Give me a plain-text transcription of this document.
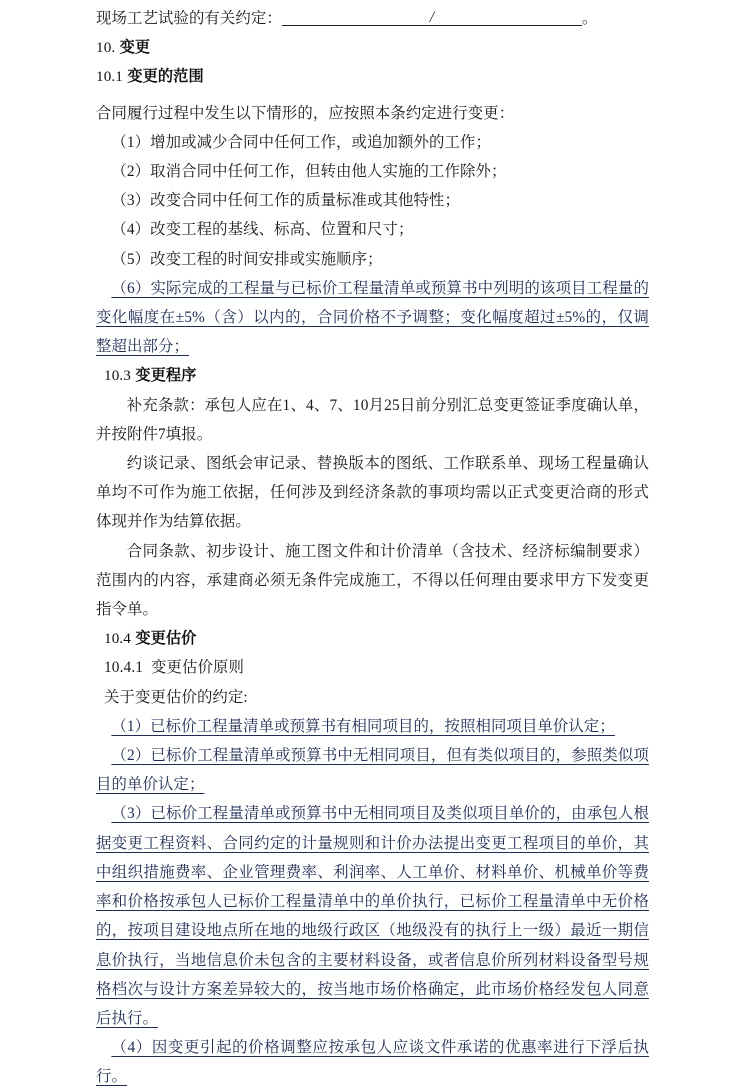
现场工艺试验的有关约定：	/	。

10. 变更

10.1 变更的范围

合同履行过程中发生以下情形的，应按照本条约定进行变更：

（1）增加或减少合同中任何工作，或追加额外的工作；

（2）取消合同中任何工作，但转由他人实施的工作除外；

（3）改变合同中任何工作的质量标准或其他特性；

（4）改变工程的基线、标高、位置和尺寸；

（5）改变工程的时间安排或实施顺序；

（6）实际完成的工程量与已标价工程量清单或预算书中列明的该项目工程量的变化幅度在±5%（含）以内的，合同价格不予调整；变化幅度超过±5%的，仅调整超出部分；

10.3 变更程序

补充条款：承包人应在1、4、7、10月25日前分别汇总变更签证季度确认单，并按附件7填报。

约谈记录、图纸会审记录、替换版本的图纸、工作联系单、现场工程量确认单均不可作为施工依据，任何涉及到经济条款的事项均需以正式变更洽商的形式体现并作为结算依据。

合同条款、初步设计、施工图文件和计价清单（含技术、经济标编制要求）范围内的内容，承建商必须无条件完成施工，不得以任何理由要求甲方下发变更指令单。

10.4 变更估价

10.4.1 变更估价原则

关于变更估价的约定:

（1）已标价工程量清单或预算书有相同项目的，按照相同项目单价认定；

（2）已标价工程量清单或预算书中无相同项目，但有类似项目的，参照类似项目的单价认定；

（3）已标价工程量清单或预算书中无相同项目及类似项目单价的，由承包人根据变更工程资料、合同约定的计量规则和计价办法提出变更工程项目的单价，其中组织措施费率、企业管理费率、利润率、人工单价、材料单价、机械单价等费率和价格按承包人已标价工程量清单中的单价执行，已标价工程量清单中无价格的，按项目建设地点所在地的地级行政区（地级没有的执行上一级）最近一期信息价执行，当地信息价未包含的主要材料设备，或者信息价所列材料设备型号规格档次与设计方案差异较大的，按当地市场价格确定，此市场价格经发包人同意后执行。

（4）因变更引起的价格调整应按承包人应谈文件承诺的优惠率进行下浮后执行。
